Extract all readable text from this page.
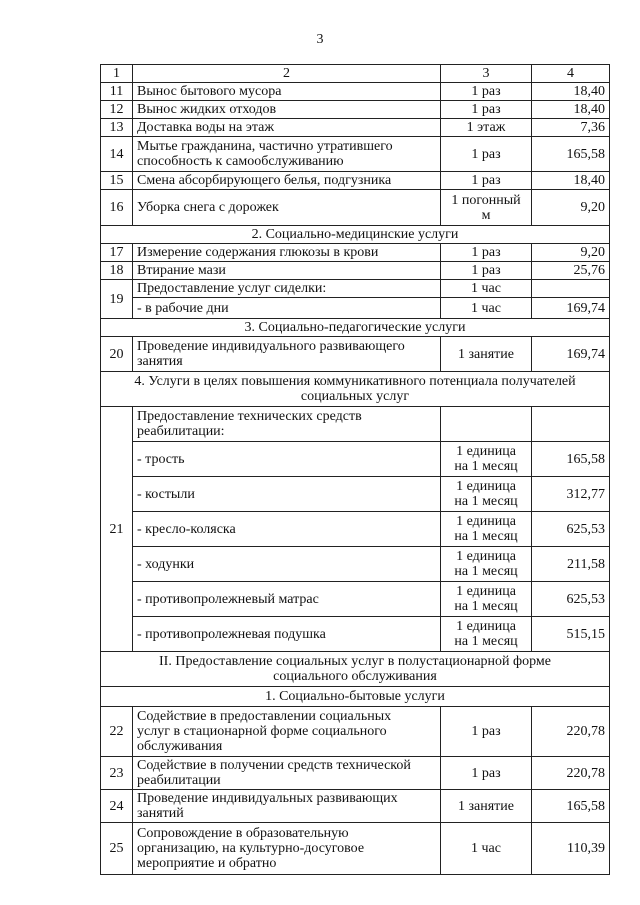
3
1	2	3	4
11	Вынос бытового мусора	1 раз	18,40
12	Вынос жидких отходов	1 раз	18,40
13	Доставка воды на этаж	1 этаж	7,36
14	Мытье гражданина, частично утратившего
способность к самообслуживанию	1 раз	165,58
15	Смена абсорбирующего белья, подгузника	1 раз	18,40
16	Уборка снега с дорожек	1 погонный
м	9,20

2. Социально-медицинские услуги			

17	Измерение содержания глюкозы в крови	1 раз	9,20
18	Втирание мази	1 раз	25,76
19	Предоставление услуг сиделки:	1 час	

	- в рабочие дни	1 час	169,74

3. Социально-педагогические услуги			

20	Проведение индивидуального развивающего
занятия	1 занятие	169,74

4. Услуги в целях повышения коммуникативного потенциала получателей
социальных услуг			

21	Предоставление технических средств
реабилитации:		

	- трость	1 единица
на 1 месяц	165,58

	- костыли	1 единица
на 1 месяц	312,77

	- кресло-коляска	1 единица
на 1 месяц	625,53

	- ходунки	1 единица
на 1 месяц	211,58

	- противопролежневый матрас	1 единица
на 1 месяц	625,53

	- противопролежневая подушка	1 единица
на 1 месяц	515,15

II. Предоставление социальных услуг в полустационарной форме
социального обслуживания			

1. Социально-бытовые услуги			

22	Содействие в предоставлении социальных
услуг в стационарной форме социального
обслуживания	1 раз	220,78
23	Содействие в получении средств технической
реабилитации	1 раз	220,78
24	Проведение индивидуальных развивающих
занятий	1 занятие	165,58
25	Сопровождение в образовательную
организацию, на культурно-досуговое
мероприятие и обратно	1 час	110,39
